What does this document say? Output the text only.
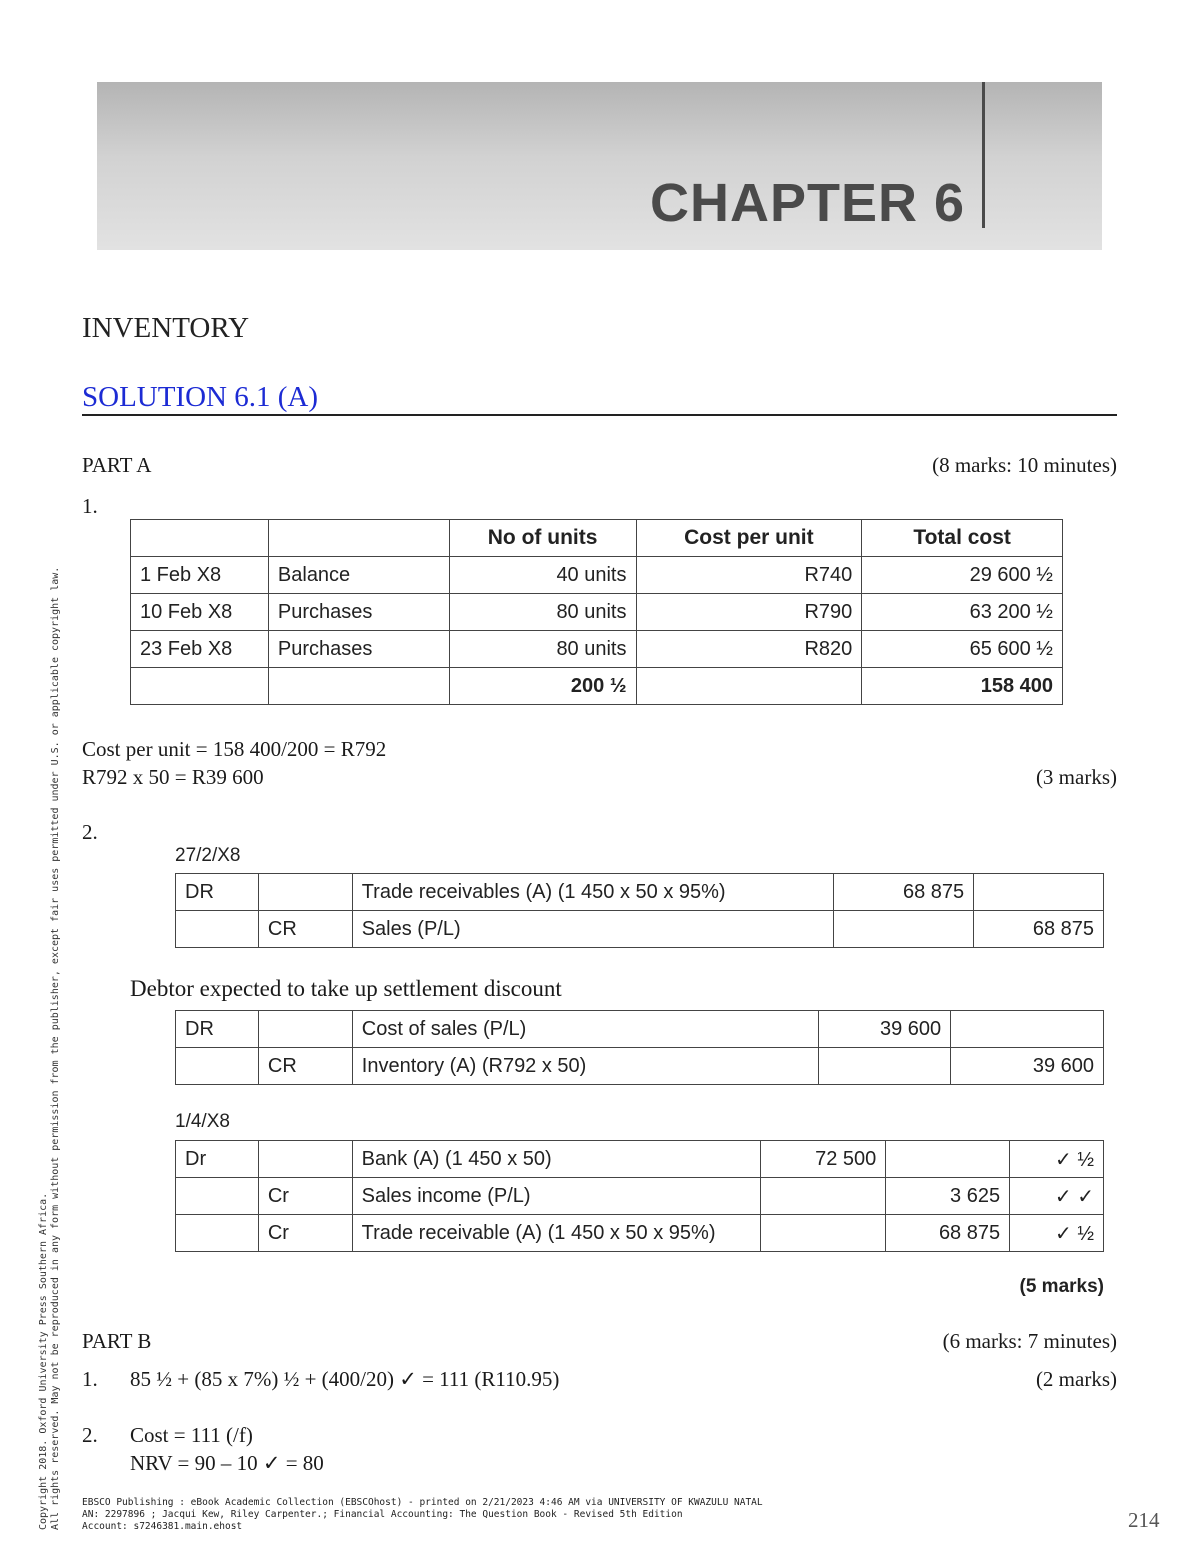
CHAPTER 6
INVENTORY
SOLUTION 6.1 (A)
PART A	(8 marks: 10 minutes)
1.
		No of units	Cost per unit	Total cost
1 Feb X8	Balance	40 units	R740	29 600 ½
10 Feb X8	Purchases	80 units	R790	63 200 ½
23 Feb X8	Purchases	80 units	R820	65 600 ½
		200 ½		158 400
Cost per unit = 158 400/200 = R792
R792 x 50 = R39 600	(3 marks)
2.
27/2/X8
DR		Trade receivables (A) (1 450 x 50 x 95%)	68 875	
	CR	Sales (P/L)		68 875
Debtor expected to take up settlement discount
DR		Cost of sales (P/L)	39 600	
	CR	Inventory (A) (R792 x 50)		39 600
1/4/X8
Dr		Bank (A) (1 450 x 50)	72 500		✓ ½
	Cr	Sales income (P/L)		3 625	✓ ✓
	Cr	Trade receivable (A) (1 450 x 50 x 95%)		68 875	✓ ½
(5 marks)
PART B	(6 marks: 7 minutes)
1. 85 ½ + (85 x 7%) ½ + (400/20) ✓ = 111 (R110.95)	(2 marks)
2. Cost = 111 (/f)
NRV = 90 – 10 ✓ = 80
Copyright 2018. Oxford University Press Southern Africa. All rights reserved. May not be reproduced in any form without permission from the publisher, except fair uses permitted under U.S. or applicable copyright law. EBSCO Publishing : eBook Academic Collection (EBSCOhost) - printed on 2/21/2023 4:46 AM via UNIVERSITY OF KWAZULU NATAL
AN: 2297896 ; Jacqui Kew, Riley Carpenter.; Financial Accounting: The Question Book - Revised 5th Edition
Account: s7246381.main.ehost	214
